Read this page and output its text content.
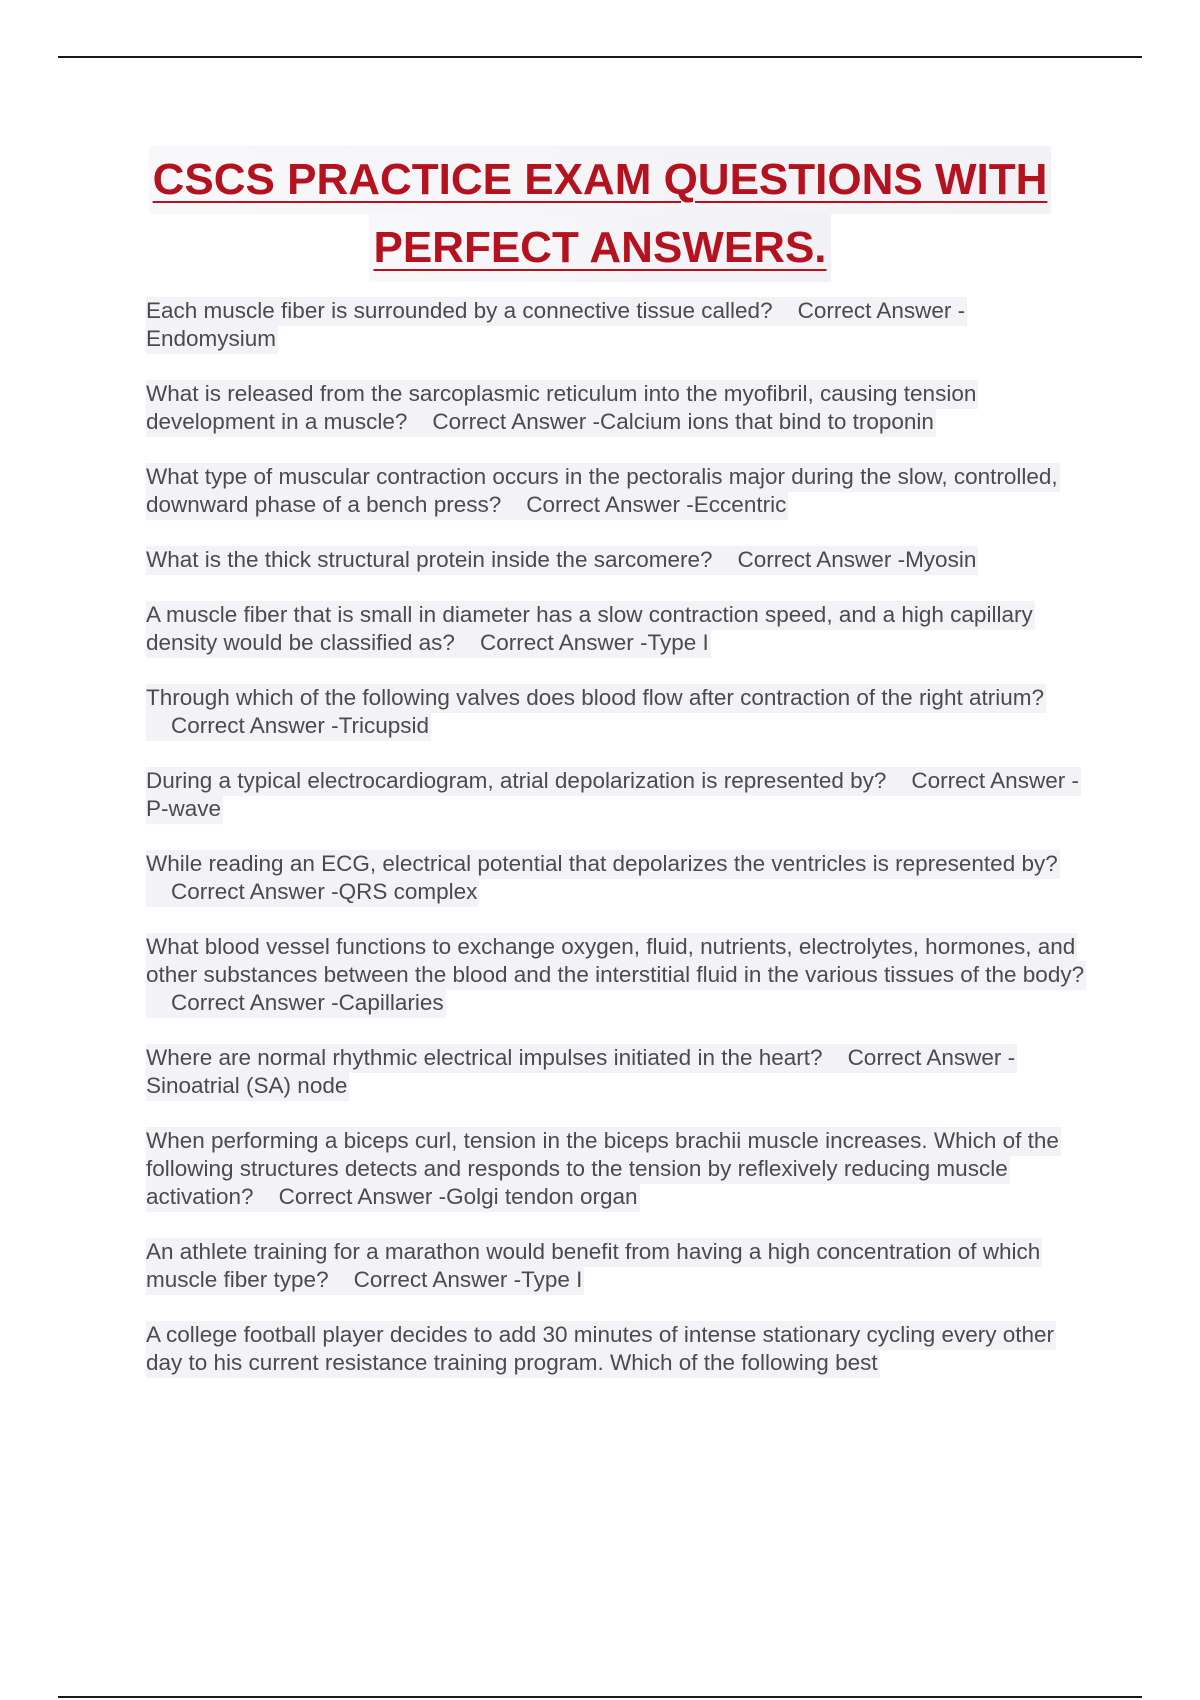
CSCS PRACTICE EXAM QUESTIONS WITH
PERFECT ANSWERS.
Each muscle fiber is surrounded by a connective tissue called? Correct Answer -Endomysium
What is released from the sarcoplasmic reticulum into the myofibril, causing tension development in a muscle? Correct Answer -Calcium ions that bind to troponin
What type of muscular contraction occurs in the pectoralis major during the slow, controlled, downward phase of a bench press? Correct Answer -Eccentric
What is the thick structural protein inside the sarcomere? Correct Answer -Myosin
A muscle fiber that is small in diameter has a slow contraction speed, and a high capillary density would be classified as? Correct Answer -Type I
Through which of the following valves does blood flow after contraction of the right atrium?    Correct Answer -Tricupsid
During a typical electrocardiogram, atrial depolarization is represented by? Correct Answer -P-wave
While reading an ECG, electrical potential that depolarizes the ventricles is represented by?    Correct Answer -QRS complex
What blood vessel functions to exchange oxygen, fluid, nutrients, electrolytes, hormones, and other substances between the blood and the interstitial fluid in the various tissues of the body?    Correct Answer -Capillaries
Where are normal rhythmic electrical impulses initiated in the heart? Correct Answer -Sinoatrial (SA) node
When performing a biceps curl, tension in the biceps brachii muscle increases. Which of the following structures detects and responds to the tension by reflexively reducing muscle activation? Correct Answer -Golgi tendon organ
An athlete training for a marathon would benefit from having a high concentration of which muscle fiber type? Correct Answer -Type I
A college football player decides to add 30 minutes of intense stationary cycling every other day to his current resistance training program. Which of the following best
